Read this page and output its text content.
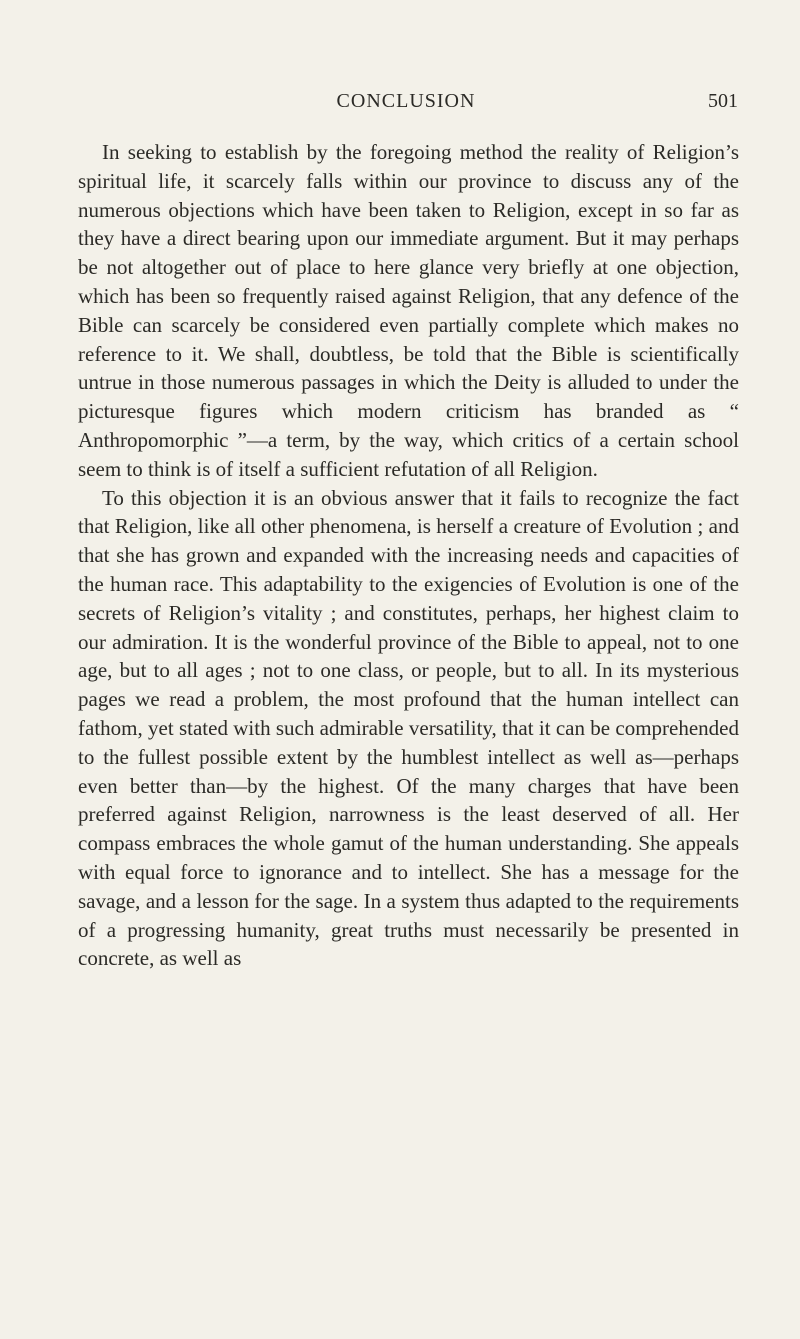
CONCLUSION	501

In seeking to establish by the foregoing method the reality of Religion’s spiritual life, it scarcely falls within our province to discuss any of the numerous objections which have been taken to Religion, except in so far as they have a direct bearing upon our immediate argument. But it may perhaps be not altogether out of place to here glance very briefly at one objection, which has been so frequently raised against Religion, that any defence of the Bible can scarcely be considered even partially complete which makes no reference to it. We shall, doubtless, be told that the Bible is scientifically untrue in those numerous passages in which the Deity is alluded to under the picturesque figures which modern criticism has branded as “ Anthropomorphic ”—a term, by the way, which critics of a certain school seem to think is of itself a sufficient refutation of all Religion.

To this objection it is an obvious answer that it fails to recognize the fact that Religion, like all other phenomena, is herself a creature of Evolution ; and that she has grown and expanded with the increasing needs and capacities of the human race. This adaptability to the exigencies of Evolution is one of the secrets of Religion’s vitality ; and constitutes, perhaps, her highest claim to our admiration. It is the wonderful province of the Bible to appeal, not to one age, but to all ages ; not to one class, or people, but to all. In its mysterious pages we read a problem, the most profound that the human intellect can fathom, yet stated with such admirable versatility, that it can be comprehended to the fullest possible extent by the humblest intellect as well as—perhaps even better than—by the highest. Of the many charges that have been preferred against Religion, narrowness is the least deserved of all. Her compass embraces the whole gamut of the human understanding. She appeals with equal force to ignorance and to intellect. She has a message for the savage, and a lesson for the sage. In a system thus adapted to the requirements of a progressing humanity, great truths must necessarily be presented in concrete, as well as
